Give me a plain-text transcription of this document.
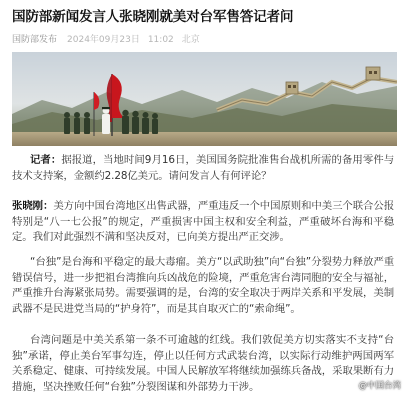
国防部新闻发言人张晓刚就美对台军售答记者问
国防部发布 2024年09月23日 11:02 北京
记者：据报道，当地时间9月16日，美国国务院批准售台战机所需的备用零件与技术支持案，金额约2.28亿美元。请问发言人有何评论？
张晓刚：美方向中国台湾地区出售武器，严重违反一个中国原则和中美三个联合公报特别是“八一七公报”的规定，严重损害中国主权和安全利益，严重破坏台海和平稳定。我们对此强烈不满和坚决反对，已向美方提出严正交涉。
“台独”是台海和平稳定的最大毒瘤。美方“以武助独”向“台独”分裂势力释放严重错误信号，进一步把祖台湾推向兵凶战危的险境，严重危害台湾同胞的安全与福祉，严重推升台海紧张局势。需要强调的是，台湾的安全取决于两岸关系和平发展，美制武器不是民进党当局的“护身符”，而是其自取灭亡的“索命绳”。
台湾问题是中美关系第一条不可逾越的红线。我们敦促美方切实落实不支持“台独”承诺，停止美台军事勾连，停止以任何方式武装台湾，以实际行动维护两国两军关系稳定、健康、可持续发展。中国人民解放军将继续加强练兵备战，采取果断有力措施，坚决挫败任何“台独”分裂图谋和外部势力干涉。	@中国台湾
